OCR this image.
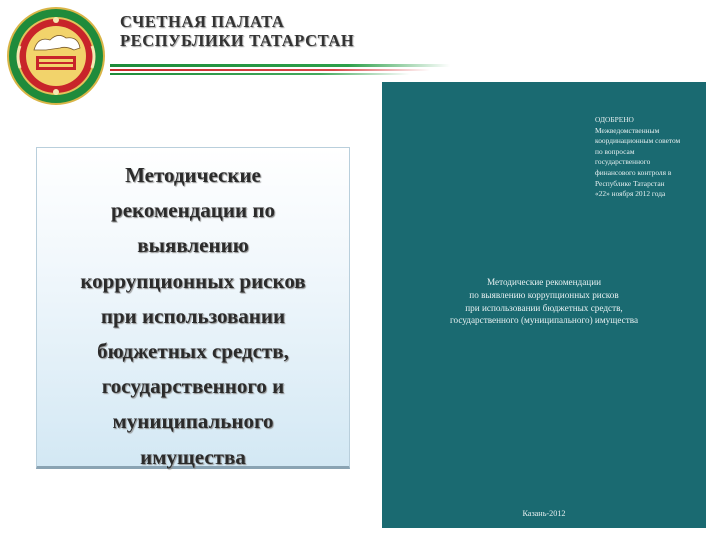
СЧЕТНАЯ ПАЛАТА
РЕСПУБЛИКИ ТАТАРСТАН
Методические
рекомендации по
выявлению
коррупционных рисков
при использовании
бюджетных средств,
государственного и
муниципального
имущества
ОДОБРЕНО
Межведомственным
координационным советом
по вопросам
государственного
финансового контроля в
Республике Татарстан
«22» ноября 2012 года
Методические рекомендации
по выявлению коррупционных рисков
при использовании бюджетных средств,
государственного (муниципального) имущества
Казань-2012
